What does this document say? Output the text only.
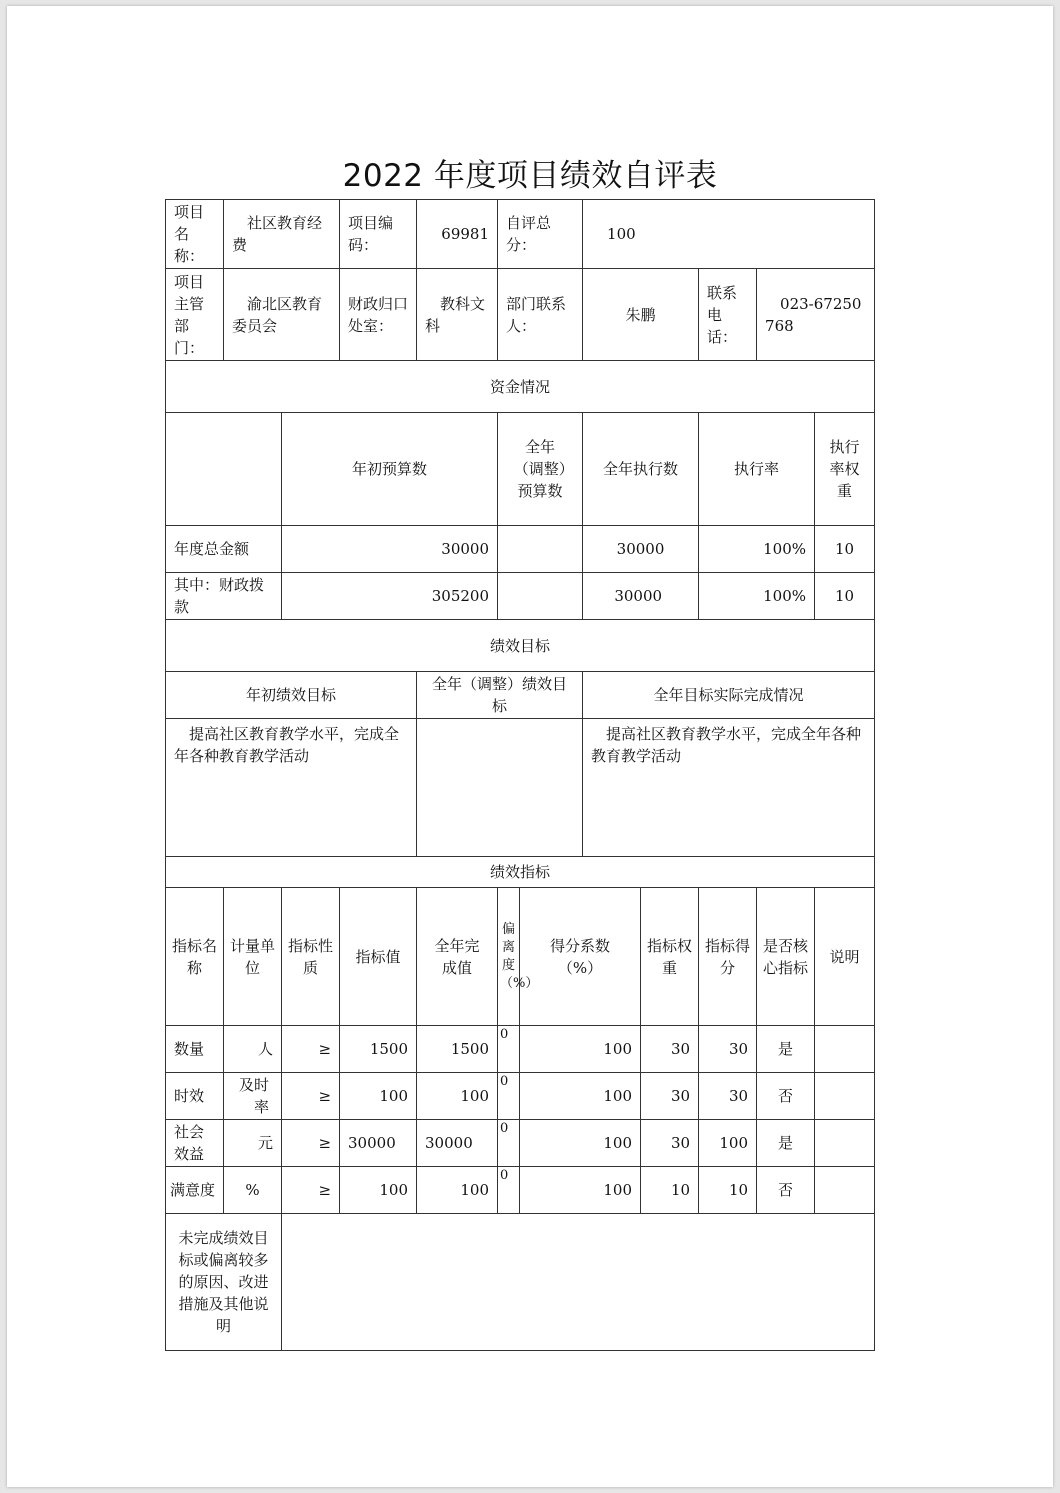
2022 年度项目绩效自评表
项目名称：	社区教育经费		项目编码：	69981	自评总分：		100					
项目主管部门：	渝北区教育委员会		财政归口处室：	教科文科	部门联系人：		朱鹏		联系电话：	023-67250768		
资金情况												
		年初预算数			全年（调整）预算数		全年执行数		执行率		执行率权重	
年度总金额		30000					30000		100%		10	
其中：财政拨款		305200					30000		100%		10	
绩效目标												
年初绩效目标				全年（调整）绩效目标			全年目标实际完成情况					
提高社区教育教学水平，完成全年各种教育教学活动							提高社区教育教学水平，完成全年各种教育教学活动					
绩效指标												
指标名称	计量单位	指标性质	指标值	全年完成值	偏离度（%）	得分系数（%）		指标权重	指标得分	是否核心指标	说明	
数量	人	≥	1500	1500	0	100		30	30	是		
时效	及时率	≥	100	100	0	100		30	30	否		
社会效益	元	≥	30000	30000	0	100		30	100	是		
满意度	%	≥	100	100	0	100		10	10	否		
未完成绩效目标或偏离较多的原因、改进措施及其他说明												
